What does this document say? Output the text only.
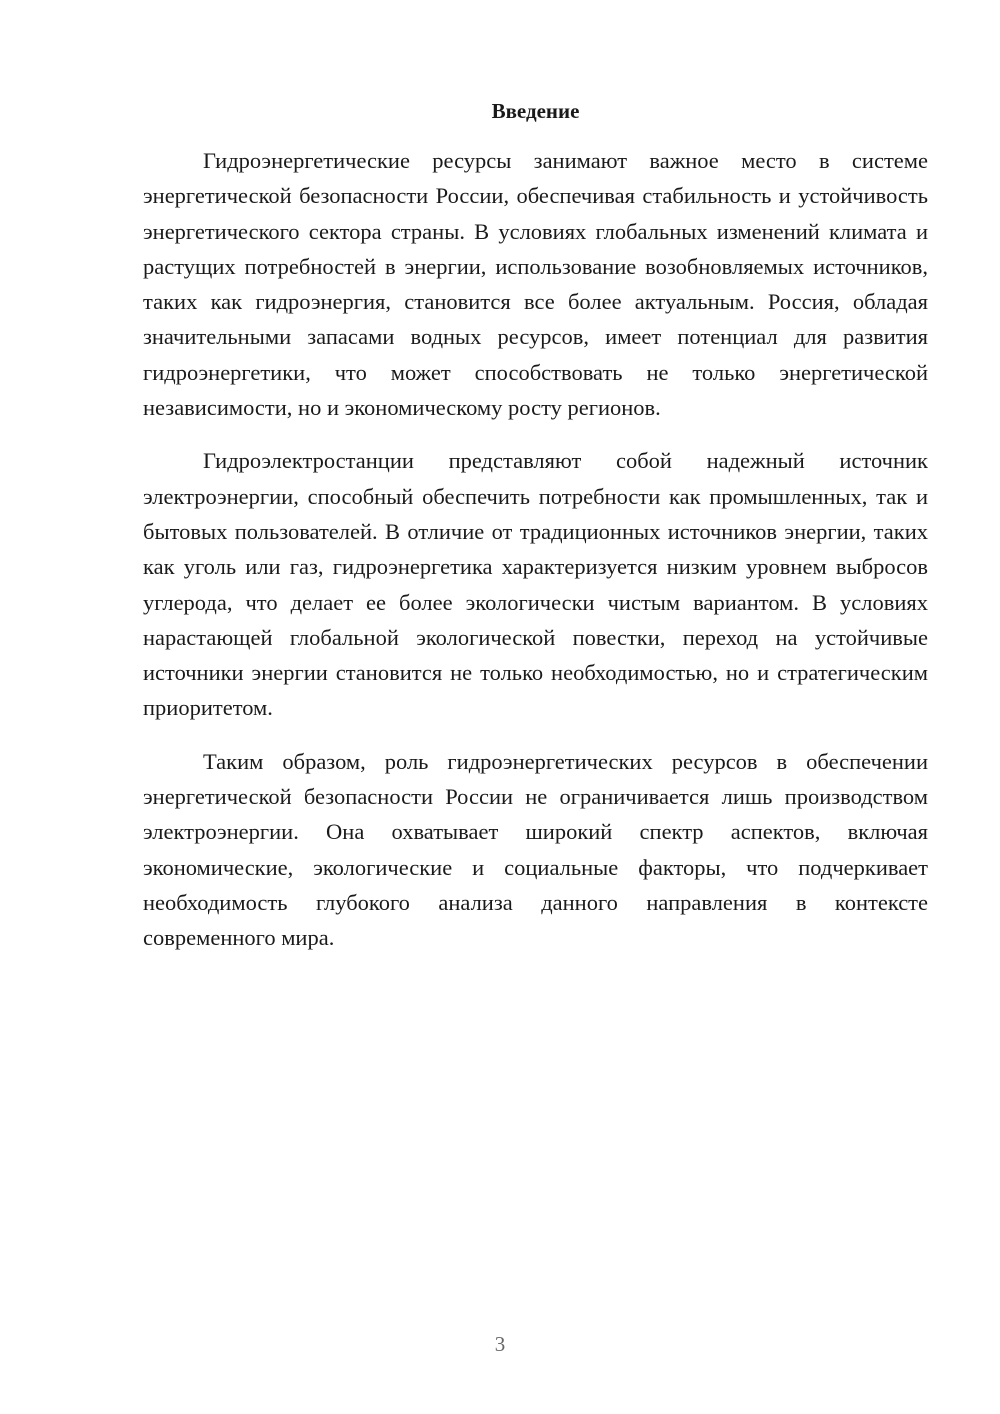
Введение

Гидроэнергетические ресурсы занимают важное место в системе энергетической безопасности России, обеспечивая стабильность и устойчивость энергетического сектора страны. В условиях глобальных изменений климата и растущих потребностей в энергии, использование возобновляемых источников, таких как гидроэнергия, становится все более актуальным. Россия, обладая значительными запасами водных ресурсов, имеет потенциал для развития гидроэнергетики, что может способствовать не только энергетической независимости, но и экономическому росту регионов.

Гидроэлектростанции представляют собой надежный источник электроэнергии, способный обеспечить потребности как промышленных, так и бытовых пользователей. В отличие от традиционных источников энергии, таких как уголь или газ, гидроэнергетика характеризуется низким уровнем выбросов углерода, что делает ее более экологически чистым вариантом. В условиях нарастающей глобальной экологической повестки, переход на устойчивые источники энергии становится не только необходимостью, но и стратегическим приоритетом.

Таким образом, роль гидроэнергетических ресурсов в обеспечении энергетической безопасности России не ограничивается лишь производством электроэнергии. Она охватывает широкий спектр аспектов, включая экономические, экологические и социальные факторы, что подчеркивает необходимость глубокого анализа данного направления в контексте современного мира.

3
